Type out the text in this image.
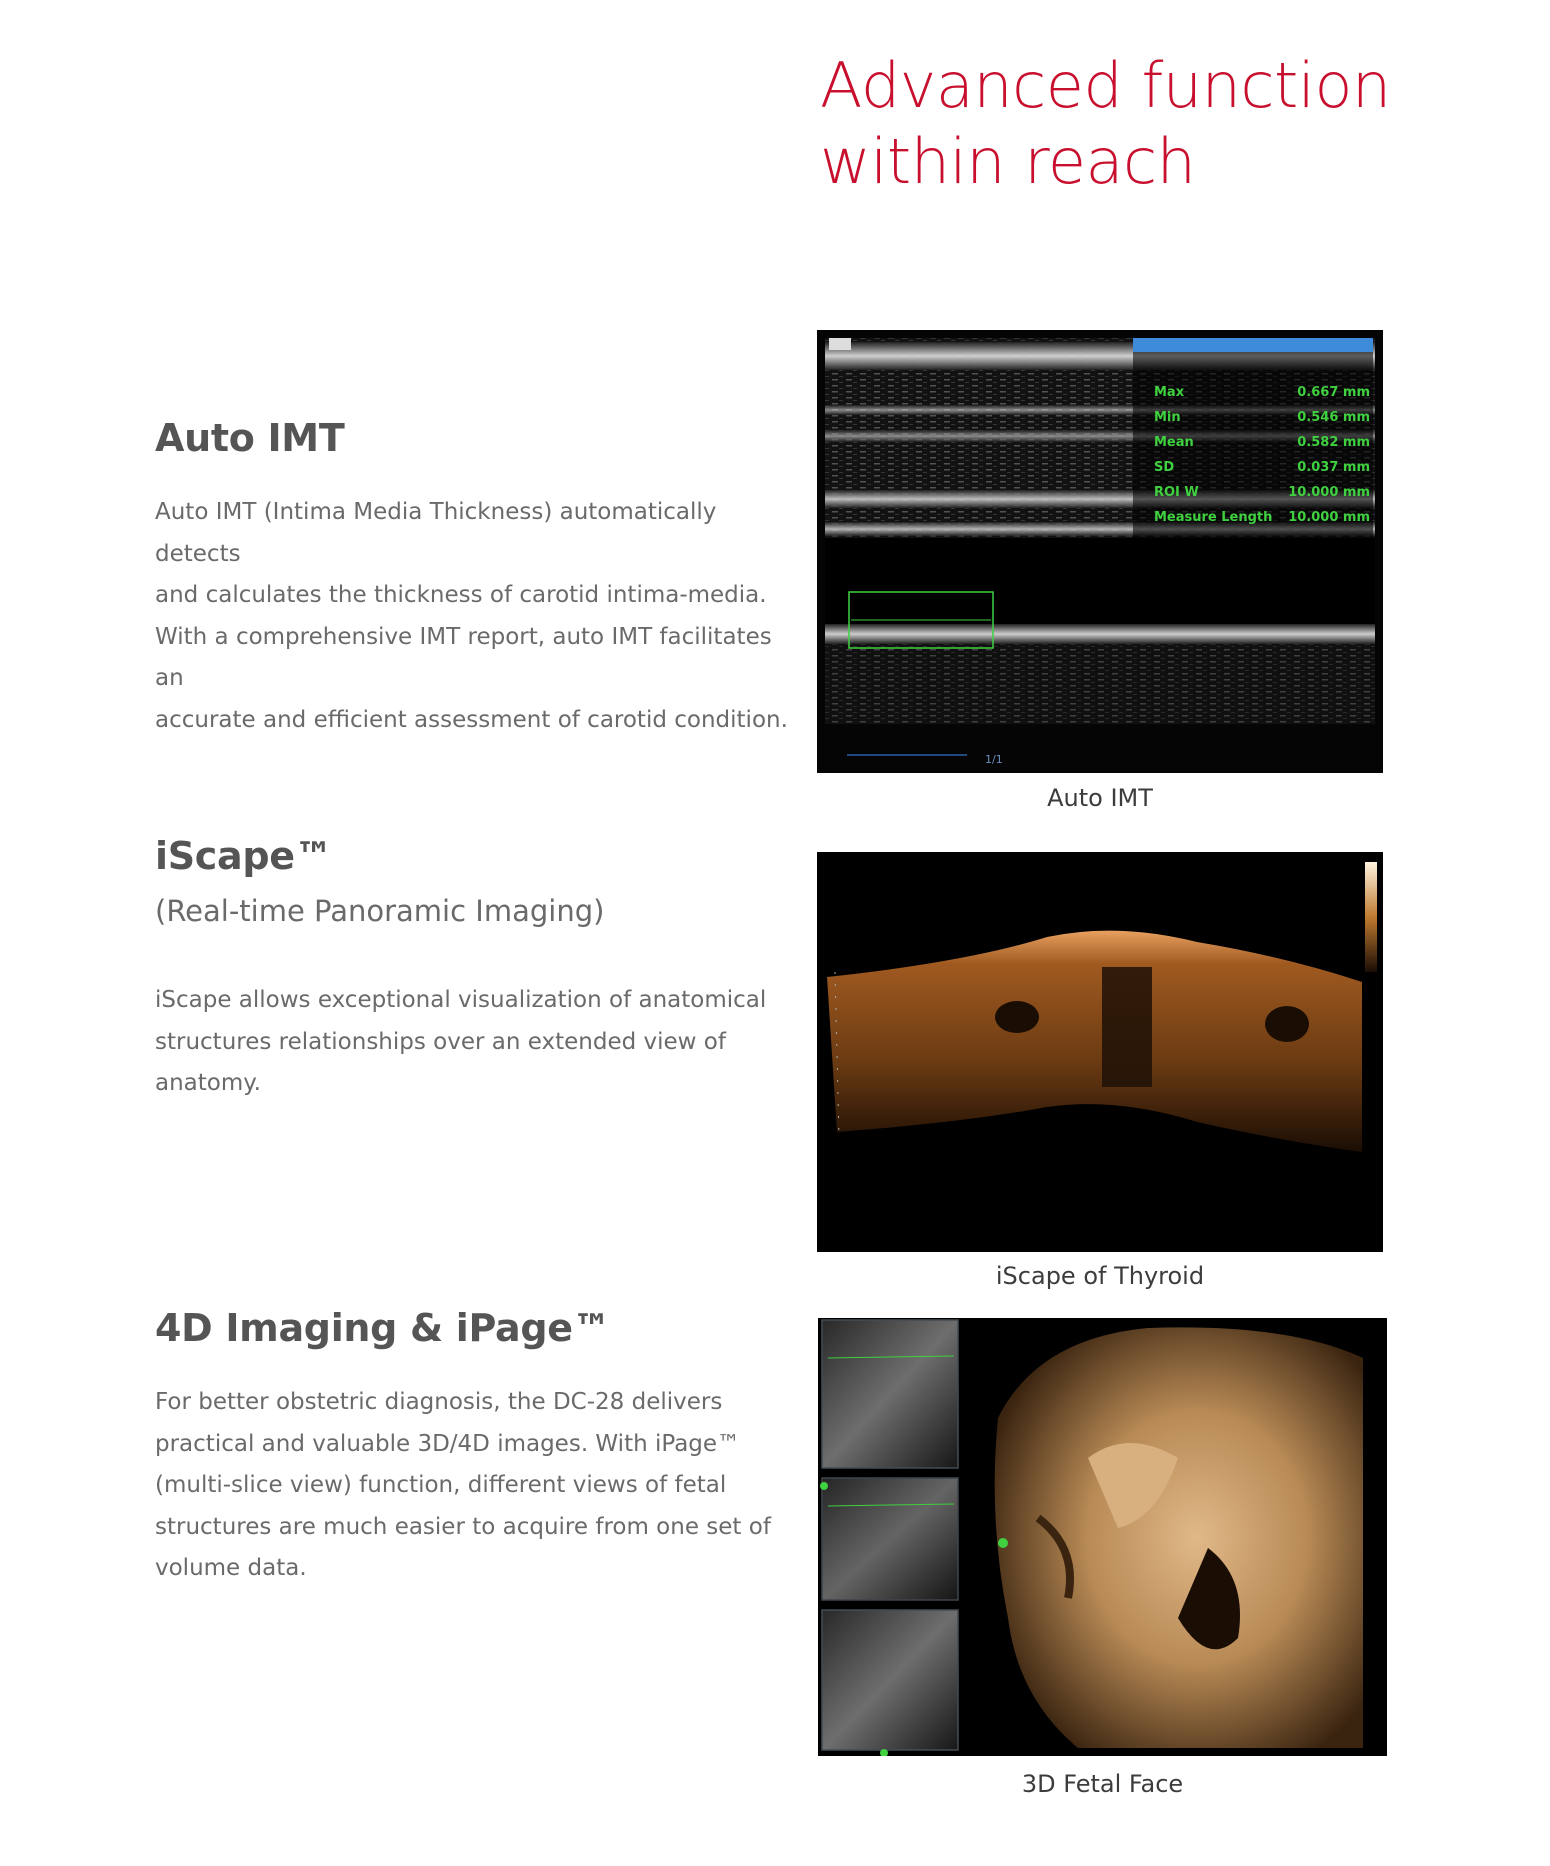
Advanced function
within reach
Auto IMT
Auto IMT (Intima Media Thickness) automatically detects
and calculates the thickness of carotid intima-media.
With a comprehensive IMT report, auto IMT facilitates an
accurate and efficient assessment of carotid condition.
Max	0.667 mm
Min	0.546 mm
Mean	0.582 mm
SD	0.037 mm
ROI W	10.000 mm
Measure Length 10.000 mm
1/1
Auto IMT
iScape™
(Real-time Panoramic Imaging)
iScape allows exceptional visualization of anatomical
structures relationships over an extended view of
anatomy.
iScape of Thyroid
4D Imaging & iPage™
For better obstetric diagnosis, the DC-28 delivers
practical and valuable 3D/4D images. With iPage™
(multi-slice view) function, different views of fetal
structures are much easier to acquire from one set of
volume data.
3D Fetal Face
